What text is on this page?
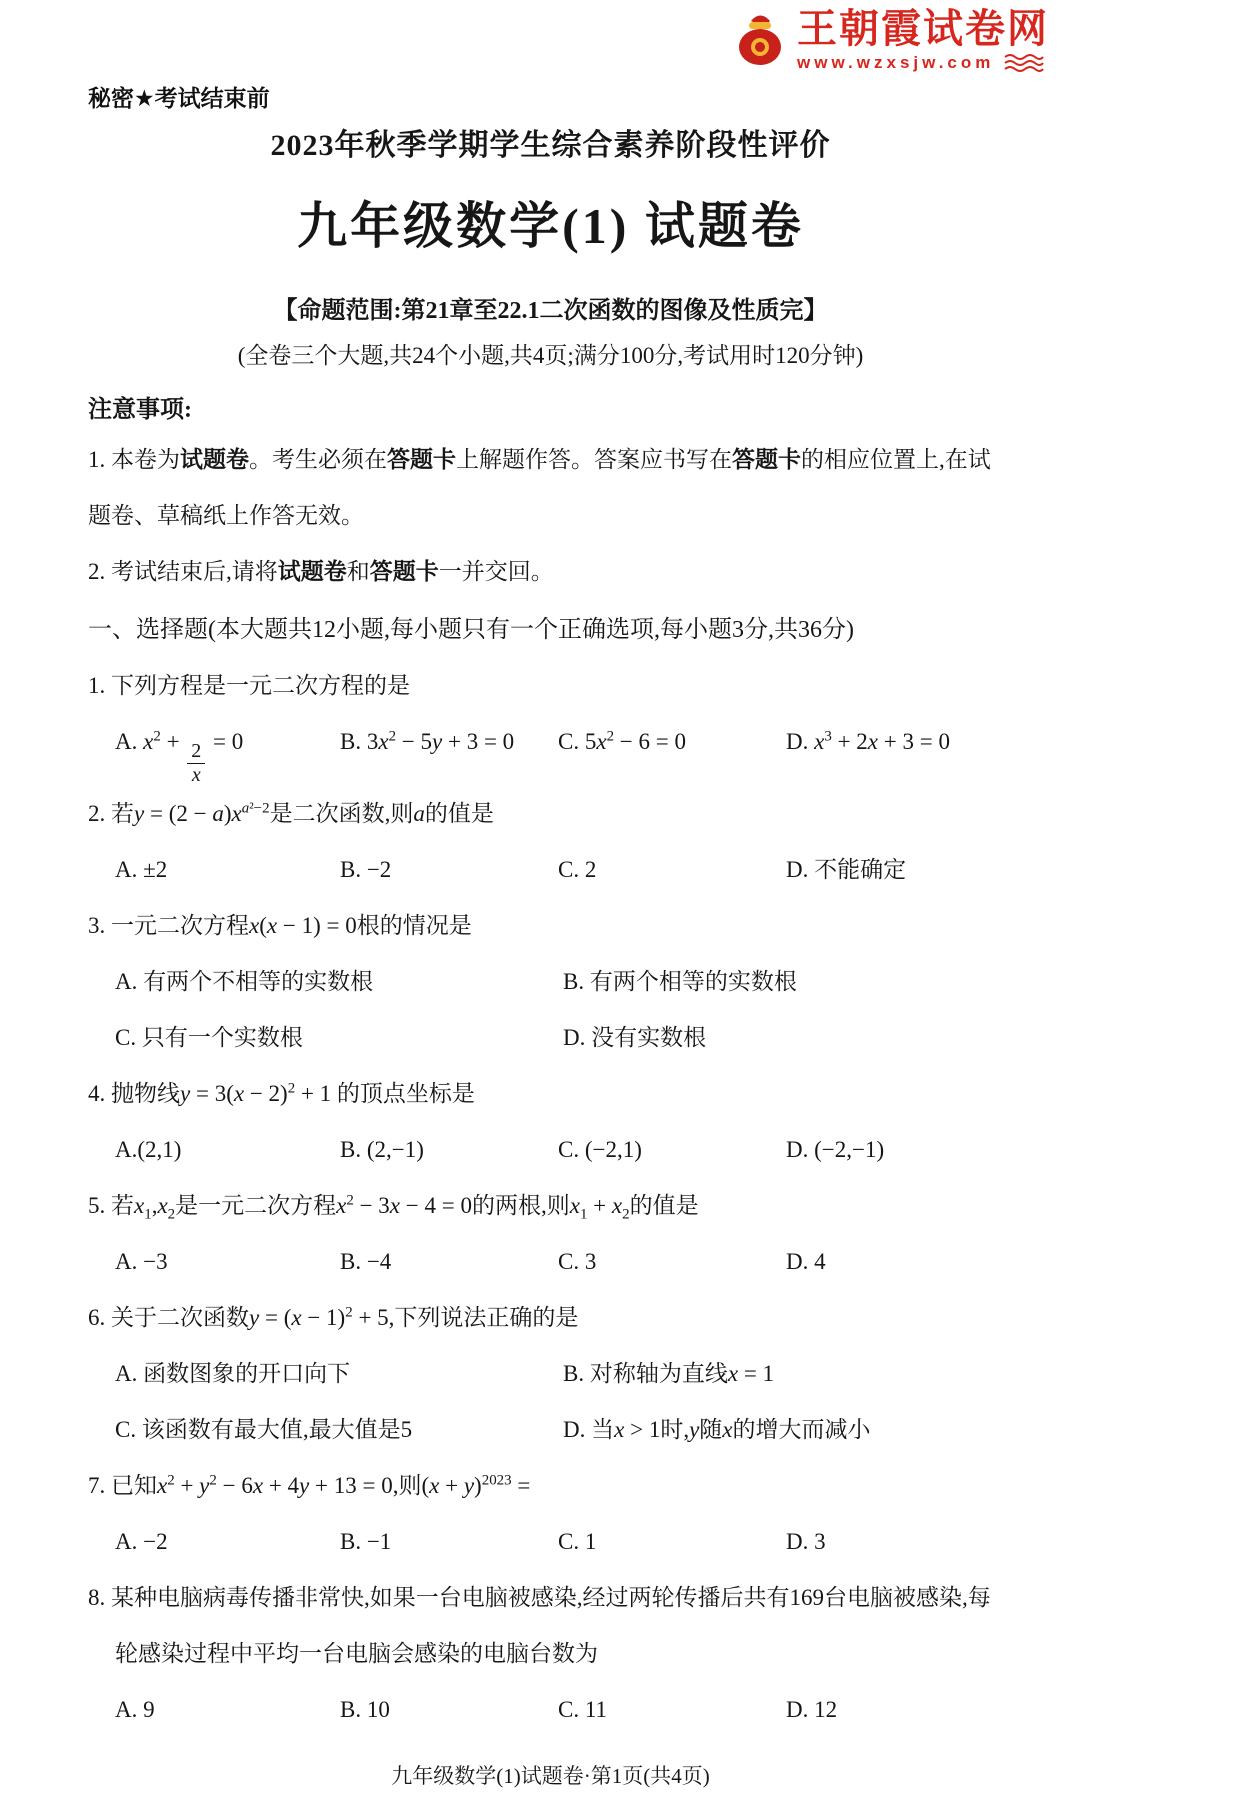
王朝霞试卷网
www.wzxsjw.com
秘密★考试结束前
2023年秋季学期学生综合素养阶段性评价
九年级数学(1) 试题卷
【命题范围:第21章至22.1二次函数的图像及性质完】
(全卷三个大题,共24个小题,共4页;满分100分,考试用时120分钟)
注意事项:

1. 本卷为试题卷。考生必须在答题卡上解题作答。答案应书写在答题卡的相应位置上,在试题卷、草稿纸上作答无效。

2. 考试结束后,请将试题卷和答题卡一并交回。

一、选择题(本大题共12小题,每小题只有一个正确选项,每小题3分,共36分)
1. 下列方程是一元二次方程的是
A. $x^2 + \frac{2}{x} = 0$	B. $3x^2 - 5y + 3 = 0$	C. $5x^2 - 6 = 0$	D. $x^3 + 2x + 3 = 0$
2. 若$y = (2 - a)x^{a^2-2}$是二次函数,则a的值是
A. ±2	B. −2	C. 2	D. 不能确定
3. 一元二次方程x(x − 1) = 0根的情况是
A. 有两个不相等的实数根	B. 有两个相等的实数根
C. 只有一个实数根	D. 没有实数根
4. 抛物线$y = 3(x - 2)^2 + 1$ 的顶点坐标是
A.(2,1)	B. (2,−1)	C. (−2,1)	D. (−2,−1)
5. 若$x_1,x_2$是一元二次方程$x^2 - 3x - 4 = 0$的两根,则$x_1 + x_2$的值是
A. −3	B. −4	C. 3	D. 4
6. 关于二次函数$y = (x - 1)^2 + 5$,下列说法正确的是
A. 函数图象的开口向下	B. 对称轴为直线x = 1
C. 该函数有最大值,最大值是5	D. 当x > 1时,y随x的增大而减小
7. 已知$x^2 + y^2 - 6x + 4y + 13 = 0$,则$(x + y)^{2023}$ =
A. −2	B. −1	C. 1	D. 3
8. 某种电脑病毒传播非常快,如果一台电脑被感染,经过两轮传播后共有169台电脑被感染,每轮感染过程中平均一台电脑会感染的电脑台数为
A. 9	B. 10	C. 11	D. 12
九年级数学(1)试题卷·第1页(共4页)
